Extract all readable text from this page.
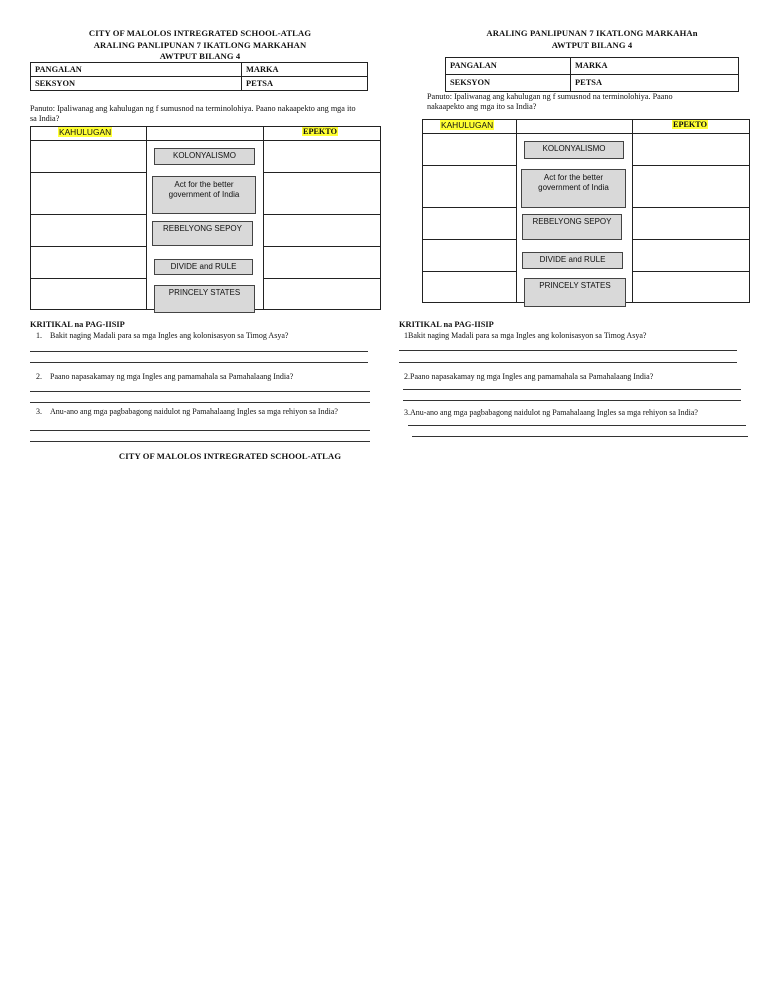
CITY OF MALOLOS INTREGRATED SCHOOL-ATLAG
ARALING PANLIPUNAN 7 IKATLONG MARKAHAN
AWTPUT BILANG 4
PANGALAN	MARKA
SEKSYON	PETSA
Panuto: Ipaliwanag ang kahulugan ng f sumusnod na terminolohiya. Paano nakaapekto ang mga ito sa India?
KAHULUGAN	EPEKTO
KOLONYALISMO
Act for the better government of India
REBELYONG SEPOY
DIVIDE and RULE
PRINCELY STATES
KRITIKAL na PAG-IISIP
1. Bakit naging Madali para sa mga Ingles ang kolonisasyon sa Timog Asya?
2. Paano napasakamay ng mga Ingles ang pamamahala sa Pamahalaang India?
3. Anu-ano ang mga pagbabagong naidulot ng Pamahalaang Ingles sa mga rehiyon sa India?
CITY OF MALOLOS INTREGRATED SCHOOL-ATLAG
ARALING PANLIPUNAN 7 IKATLONG MARKAHAn
AWTPUT BILANG 4
PANGALAN	MARKA
SEKSYON	PETSA
Panuto: Ipaliwanag ang kahulugan ng f sumusnod na terminolohiya. Paano nakaapekto ang mga ito sa India?
KAHULUGAN	EPEKTO
KOLONYALISMO
Act for the better government of India
REBELYONG SEPOY
DIVIDE and RULE
PRINCELY STATES
KRITIKAL na PAG-IISIP
1Bakit naging Madali para sa mga Ingles ang kolonisasyon sa Timog Asya?
2.Paano napasakamay ng mga Ingles ang pamamahala sa Pamahalaang India?
3.Anu-ano ang mga pagbabagong naidulot ng Pamahalaang Ingles sa mga rehiyon sa India?
